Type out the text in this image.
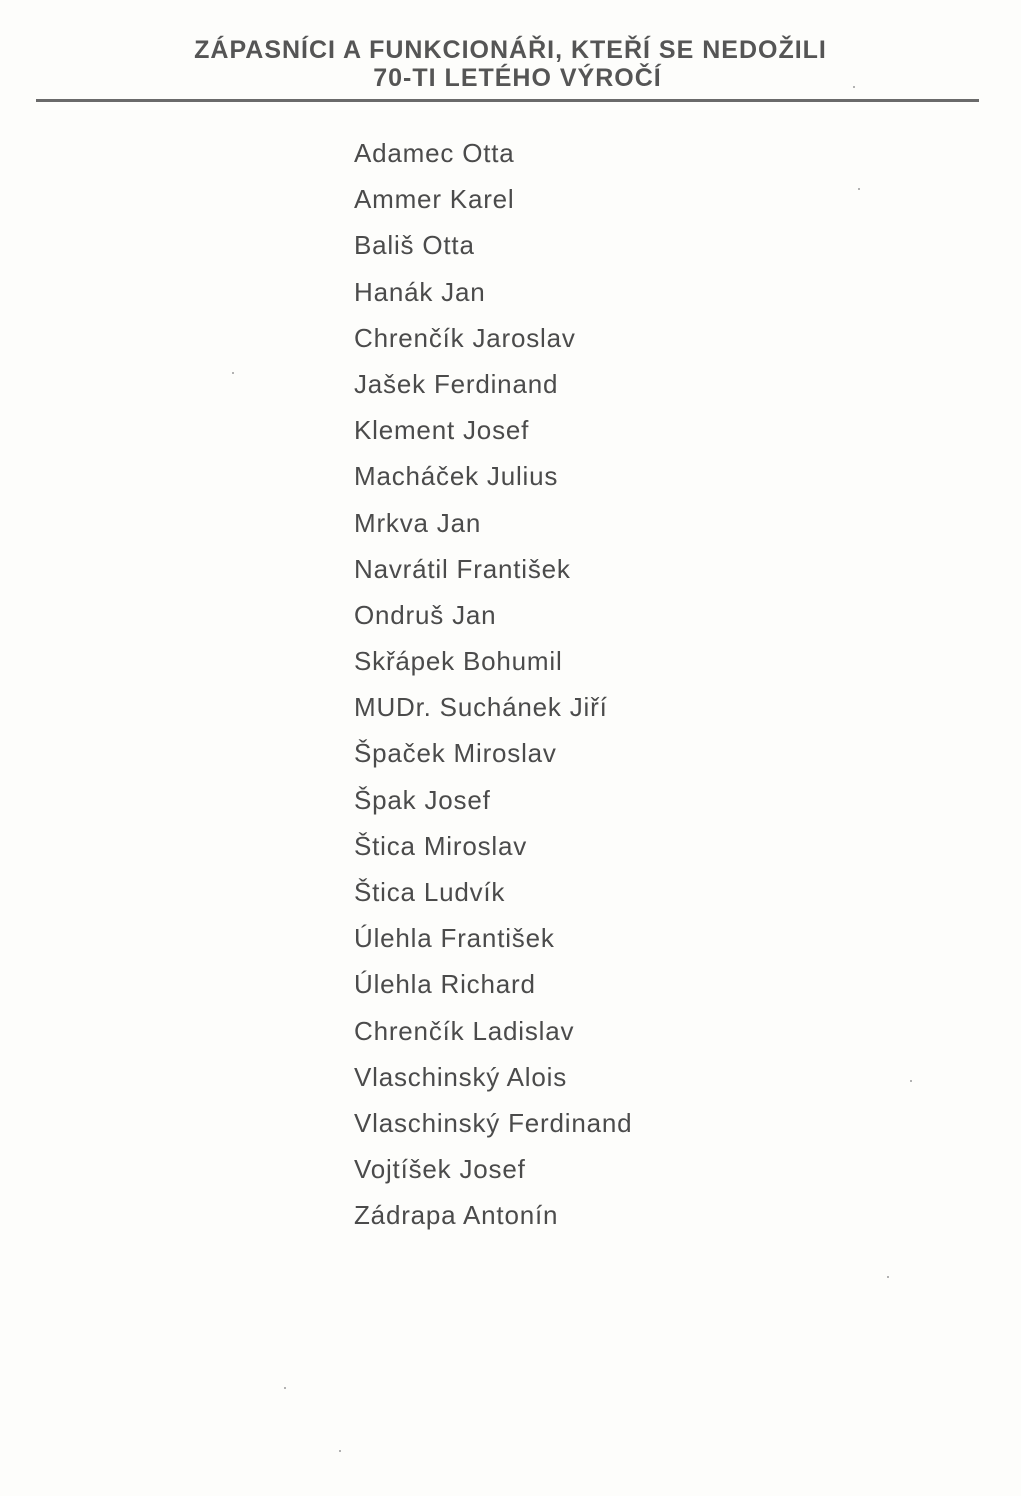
ZÁPASNÍCI A FUNKCIONÁŘI, KTEŘÍ SE NEDOŽILI
70-TI LETÉHO VÝROČÍ
Adamec Otta
Ammer Karel
Bališ Otta
Hanák Jan
Chrenčík Jaroslav
Jašek Ferdinand
Klement Josef
Macháček Julius
Mrkva Jan
Navrátil František
Ondruš Jan
Skřápek Bohumil
MUDr. Suchánek Jiří
Špaček Miroslav
Špak Josef
Štica Miroslav
Štica Ludvík
Úlehla František
Úlehla Richard
Chrenčík Ladislav
Vlaschinský Alois
Vlaschinský Ferdinand
Vojtíšek Josef
Zádrapa Antonín
